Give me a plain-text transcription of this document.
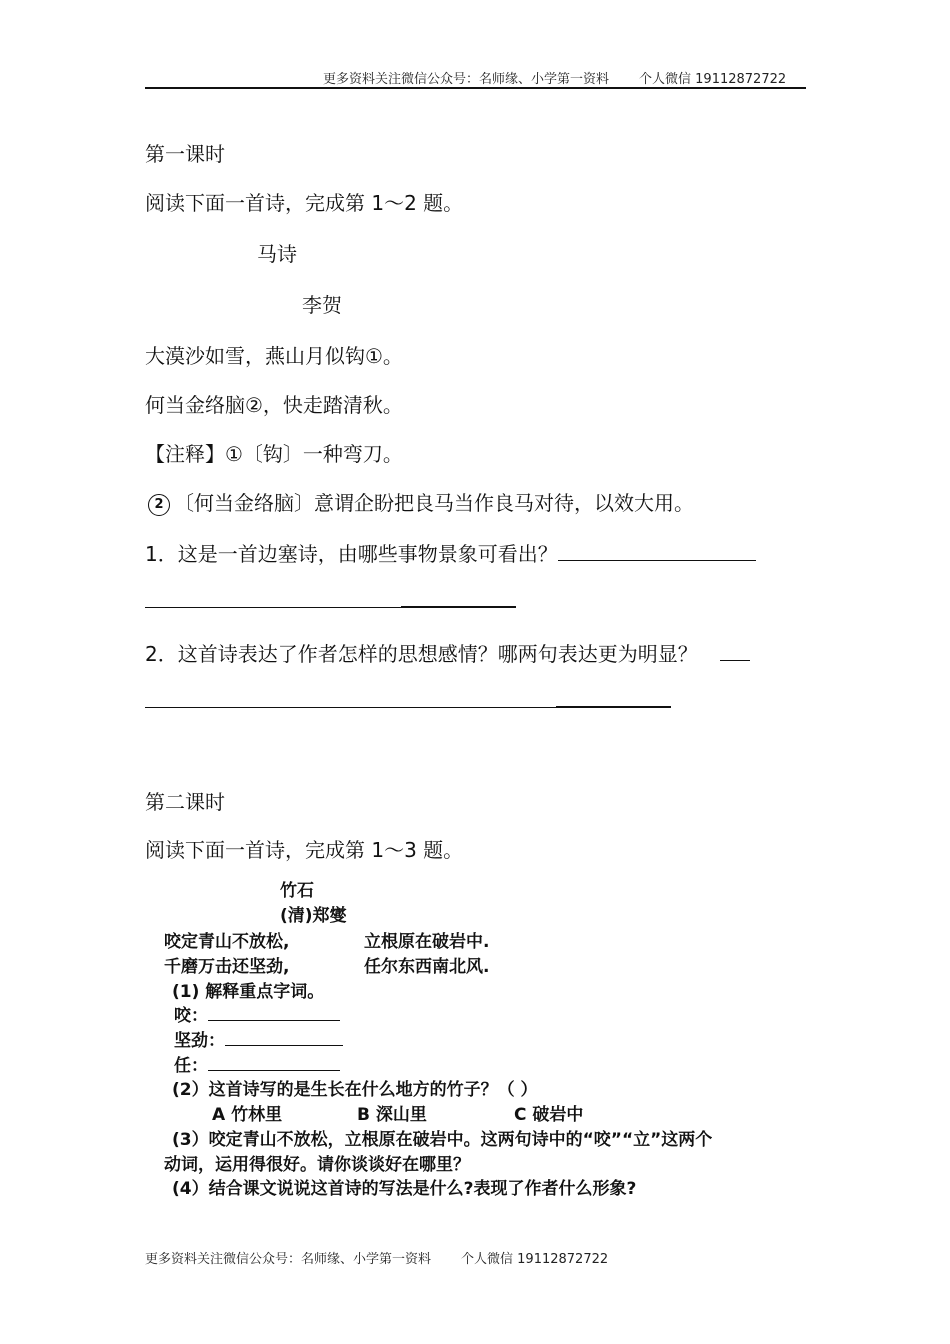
更多资料关注微信公众号：名师缘、小学第一资料 个人微信 19112872722
第一课时
阅读下面一首诗，完成第 1～2 题。
马诗
李贺
大漠沙如雪，燕山月似钩①。
何当金络脑②，快走踏清秋。
【注释】①〔钩〕一种弯刀。
2 〔何当金络脑〕意谓企盼把良马当作良马对待，以效大用。
1．这是一首边塞诗，由哪些事物景象可看出？
2．这首诗表达了作者怎样的思想感情？哪两句表达更为明显？
第二课时
阅读下面一首诗，完成第 1～3 题。
竹石
(清)郑燮
咬定青山不放松,	立根原在破岩中.
千磨万击还坚劲,	任尔东西南北风.
(1) 解释重点字词。
咬：
坚劲：
任：
(2）这首诗写的是生长在什么地方的竹子？（ ）
A 竹林里	B 深山里	C 破岩中
(3）咬定青山不放松，立根原在破岩中。这两句诗中的“咬”“立”这两个
动词，运用得很好。请你谈谈好在哪里？
(4）结合课文说说这首诗的写法是什么?表现了作者什么形象?
更多资料关注微信公众号：名师缘、小学第一资料 个人微信 19112872722
